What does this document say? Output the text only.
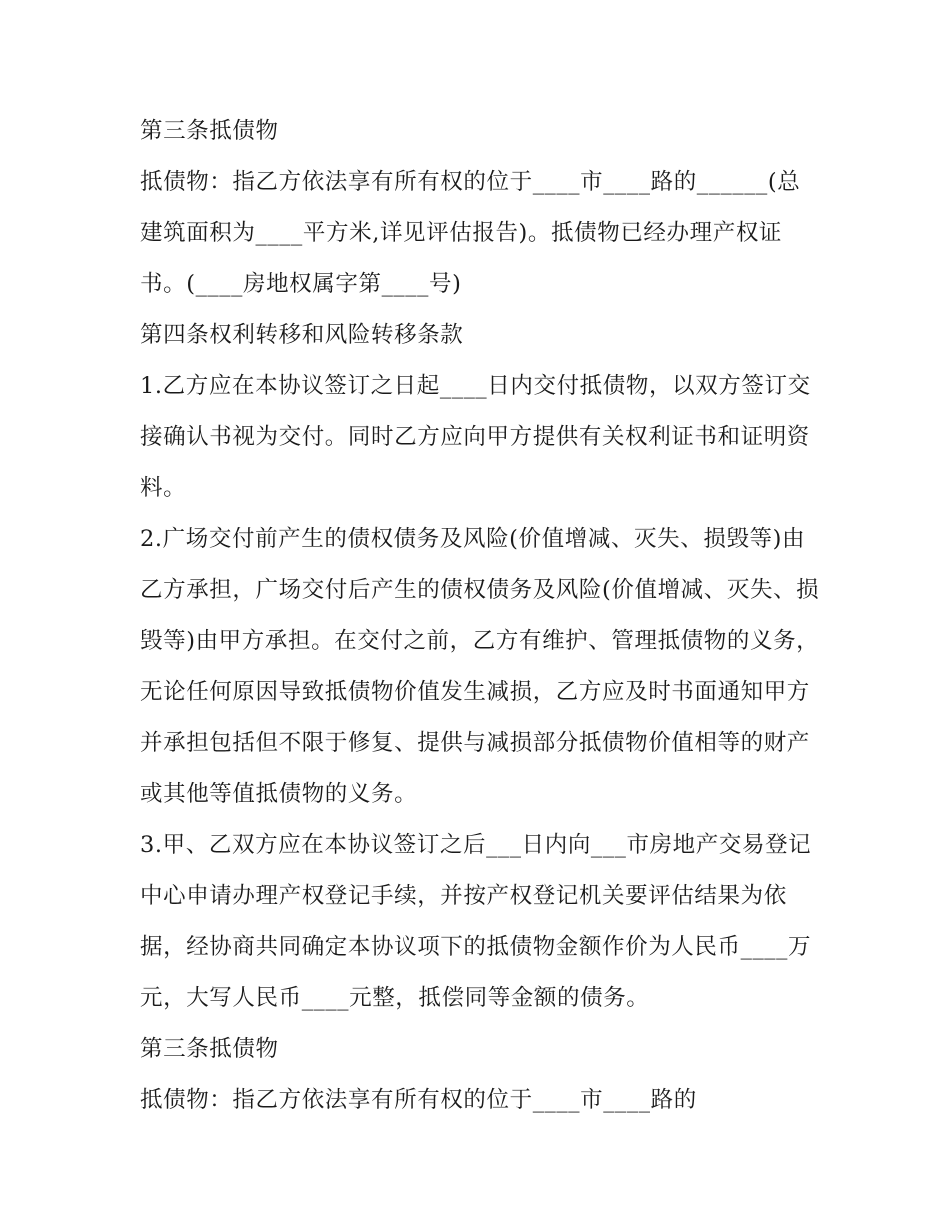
第三条抵债物

抵债物：指乙方依法享有所有权的位于____市____路的______(总建筑面积为____平方米,详见评估报告)。抵债物已经办理产权证书。(____房地权属字第____号)

第四条权利转移和风险转移条款

1.乙方应在本协议签订之日起____日内交付抵债物，以双方签订交接确认书视为交付。同时乙方应向甲方提供有关权利证书和证明资料。

2.广场交付前产生的债权债务及风险(价值增减、灭失、损毁等)由乙方承担，广场交付后产生的债权债务及风险(价值增减、灭失、损毁等)由甲方承担。在交付之前，乙方有维护、管理抵债物的义务，无论任何原因导致抵债物价值发生减损，乙方应及时书面通知甲方并承担包括但不限于修复、提供与减损部分抵债物价值相等的财产或其他等值抵债物的义务。

3.甲、乙双方应在本协议签订之后___日内向___市房地产交易登记中心申请办理产权登记手续，并按产权登记机关要评估结果为依据，经协商共同确定本协议项下的抵债物金额作价为人民币____万元，大写人民币____元整，抵偿同等金额的债务。

第三条抵债物

抵债物：指乙方依法享有所有权的位于____市____路的
